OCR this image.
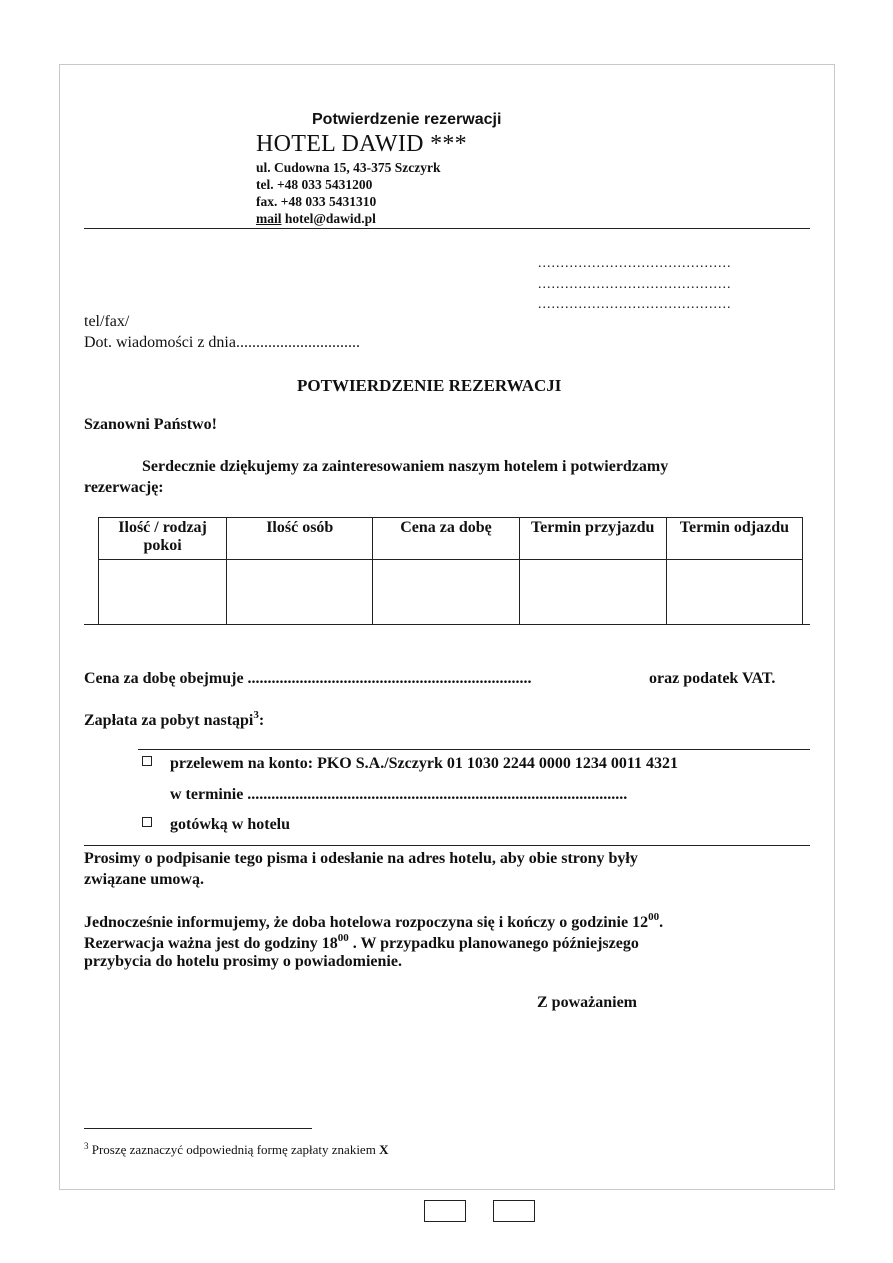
Potwierdzenie rezerwacji
HOTEL DAWID ***
ul. Cudowna 15, 43-375 Szczyrk
tel. +48 033 5431200
fax. +48 033 5431310
mail hotel@dawid.pl
...........................................
...........................................
...........................................
tel/fax/
Dot. wiadomości z dnia...............................
POTWIERDZENIE REZERWACJI
Szanowni Państwo!
Serdecznie dziękujemy za zainteresowaniem naszym hotelem i potwierdzamy
rezerwację:
Ilość / rodzaj pokoi	Ilość osób	Cena za dobę	Termin przyjazdu	Termin odjazdu

Cena za dobę obejmuje .......................................................................	oraz podatek VAT.
Zapłata za pobyt nastąpi$^3$:
przelewem na konto: PKO S.A./Szczyrk 01 1030 2244 0000 1234 0011 4321
w terminie ...............................................................................................
gotówką w hotelu
Prosimy o podpisanie tego pisma i odesłanie na adres hotelu, aby obie strony były
związane umową.
Jednocześnie informujemy, że doba hotelowa rozpoczyna się i kończy o godzinie $12^{00}$.
Rezerwacja ważna jest do godziny $18^{00}$ . W przypadku planowanego późniejszego
przybycia do hotelu prosimy o powiadomienie.
Z poważaniem
$^3$ Proszę zaznaczyć odpowiednią formę zapłaty znakiem X
